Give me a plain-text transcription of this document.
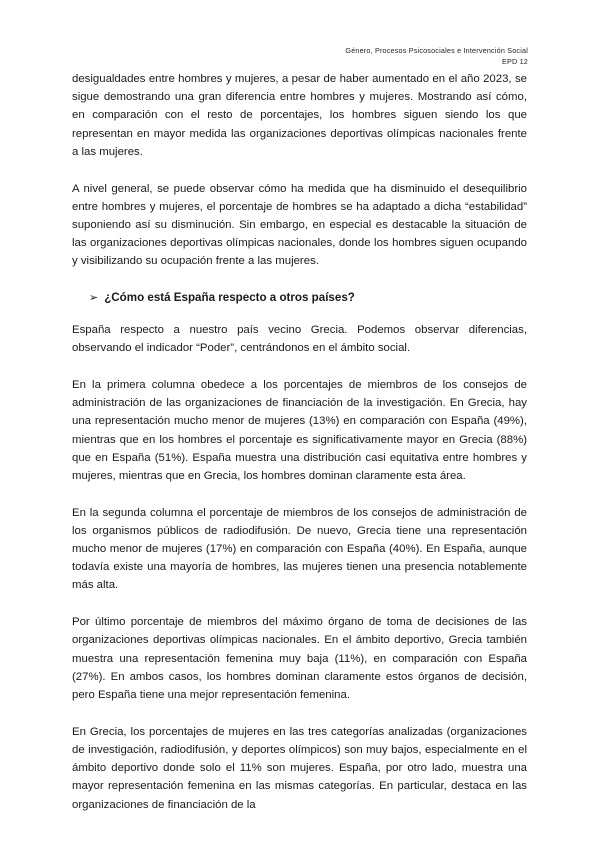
Género, Procesos Psicosociales e Intervención Social
EPD 12

desigualdades entre hombres y mujeres, a pesar de haber aumentado en el año 2023, se sigue demostrando una gran diferencia entre hombres y mujeres. Mostrando así cómo, en comparación con el resto de porcentajes, los hombres siguen siendo los que representan en mayor medida las organizaciones deportivas olímpicas nacionales frente a las mujeres.

A nivel general, se puede observar cómo ha medida que ha disminuido el desequilibrio entre hombres y mujeres, el porcentaje de hombres se ha adaptado a dicha “estabilidad” suponiendo así su disminución. Sin embargo, en especial es destacable la situación de las organizaciones deportivas olímpicas nacionales, donde los hombres siguen ocupando y visibilizando su ocupación frente a las mujeres.

➢ ¿Cómo está España respecto a otros países?

España respecto a nuestro país vecino Grecia. Podemos observar diferencias, observando el indicador “Poder”, centrándonos en el ámbito social.

En la primera columna obedece a los porcentajes de miembros de los consejos de administración de las organizaciones de financiación de la investigación. En Grecia, hay una representación mucho menor de mujeres (13%) en comparación con España (49%), mientras que en los hombres el porcentaje es significativamente mayor en Grecia (88%) que en España (51%). España muestra una distribución casi equitativa entre hombres y mujeres, mientras que en Grecia, los hombres dominan claramente esta área.

En la segunda columna el porcentaje de miembros de los consejos de administración de los organismos públicos de radiodifusión. De nuevo, Grecia tiene una representación mucho menor de mujeres (17%) en comparación con España (40%). En España, aunque todavía existe una mayoría de hombres, las mujeres tienen una presencia notablemente más alta.

Por último porcentaje de miembros del máximo órgano de toma de decisiones de las organizaciones deportivas olímpicas nacionales. En el ámbito deportivo, Grecia también muestra una representación femenina muy baja (11%), en comparación con España (27%). En ambos casos, los hombres dominan claramente estos órganos de decisión, pero España tiene una mejor representación femenina.

En Grecia, los porcentajes de mujeres en las tres categorías analizadas (organizaciones de investigación, radiodifusión, y deportes olímpicos) son muy bajos, especialmente en el ámbito deportivo donde solo el 11% son mujeres. España, por otro lado, muestra una mayor representación femenina en las mismas categorías. En particular, destaca en las organizaciones de financiación de la
